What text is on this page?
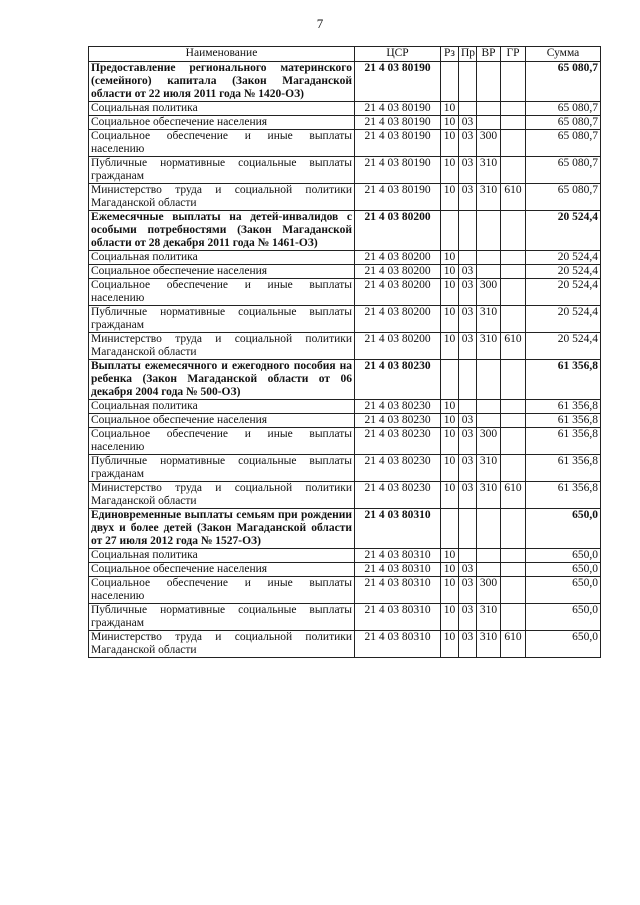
7
Наименование	ЦСР	Рз	Пр	ВР	ГР	Сумма
Предоставление регионального материнского (семейного) капитала (Закон Магаданской области от 22 июля 2011 года № 1420-ОЗ)	21 4 03 80190					65 080,7
Социальная политика	21 4 03 80190	10				65 080,7
Социальное обеспечение населения	21 4 03 80190	10	03			65 080,7
Социальное обеспечение и иные выплаты населению	21 4 03 80190	10	03	300		65 080,7
Публичные нормативные социальные выплаты гражданам	21 4 03 80190	10	03	310		65 080,7
Министерство труда и социальной политики Магаданской области	21 4 03 80190	10	03	310	610	65 080,7
Ежемесячные выплаты на детей-инвалидов с особыми потребностями (Закон Магаданской области от 28 декабря 2011 года № 1461-ОЗ)	21 4 03 80200					20 524,4
Социальная политика	21 4 03 80200	10				20 524,4
Социальное обеспечение населения	21 4 03 80200	10	03			20 524,4
Социальное обеспечение и иные выплаты населению	21 4 03 80200	10	03	300		20 524,4
Публичные нормативные социальные выплаты гражданам	21 4 03 80200	10	03	310		20 524,4
Министерство труда и социальной политики Магаданской области	21 4 03 80200	10	03	310	610	20 524,4
Выплаты ежемесячного и ежегодного пособия на ребенка (Закон Магаданской области от 06 декабря 2004 года № 500-ОЗ)	21 4 03 80230					61 356,8
Социальная политика	21 4 03 80230	10				61 356,8
Социальное обеспечение населения	21 4 03 80230	10	03			61 356,8
Социальное обеспечение и иные выплаты населению	21 4 03 80230	10	03	300		61 356,8
Публичные нормативные социальные выплаты гражданам	21 4 03 80230	10	03	310		61 356,8
Министерство труда и социальной политики Магаданской области	21 4 03 80230	10	03	310	610	61 356,8
Единовременные выплаты семьям при рождении двух и более детей (Закон Магаданской области от 27 июля 2012 года № 1527-ОЗ)	21 4 03 80310					650,0
Социальная политика	21 4 03 80310	10				650,0
Социальное обеспечение населения	21 4 03 80310	10	03			650,0
Социальное обеспечение и иные выплаты населению	21 4 03 80310	10	03	300		650,0
Публичные нормативные социальные выплаты гражданам	21 4 03 80310	10	03	310		650,0
Министерство труда и социальной политики Магаданской области	21 4 03 80310	10	03	310	610	650,0
